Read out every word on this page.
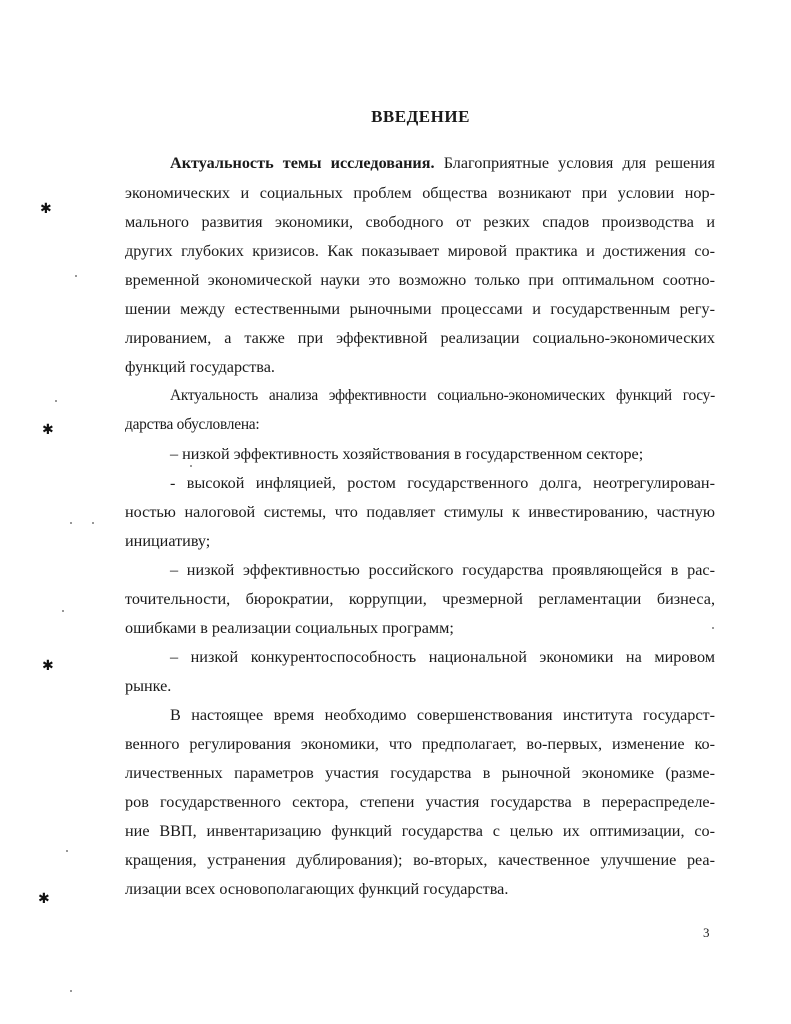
ВВЕДЕНИЕ
Актуальность темы исследования. Благоприятные условия для решения
экономических и социальных проблем общества возникают при условии нор-
мального развития экономики, свободного от резких спадов производства и
других глубоких кризисов. Как показывает мировой практика и достижения со-
временной экономической науки это возможно только при оптимальном соотно-
шении между естественными рыночными процессами и государственным регу-
лированием, а также при эффективной реализации социально-экономических
функций государства.
Актуальность анализа эффективности социально-экономических функций госу-
дарства обусловлена:
– низкой эффективность хозяйствования в государственном секторе;
- высокой инфляцией, ростом государственного долга, неотрегулирован-
ностью налоговой системы, что подавляет стимулы к инвестированию, частную
инициативу;
– низкой эффективностью российского государства проявляющейся в рас-
точительности, бюрократии, коррупции, чрезмерной регламентации бизнеса,
ошибками в реализации социальных программ;
– низкой конкурентоспособность национальной экономики на мировом
рынке.
В настоящее время необходимо совершенствования института государст-
венного регулирования экономики, что предполагает, во-первых, изменение ко-
личественных параметров участия государства в рыночной экономике (разме-
ров государственного сектора, степени участия государства в перераспределе-
ние ВВП, инвентаризацию функций государства с целью их оптимизации, со-
кращения, устранения дублирования); во-вторых, качественное улучшение реа-
лизации всех основополагающих функций государства.
3
✱
✱
✱
✱
